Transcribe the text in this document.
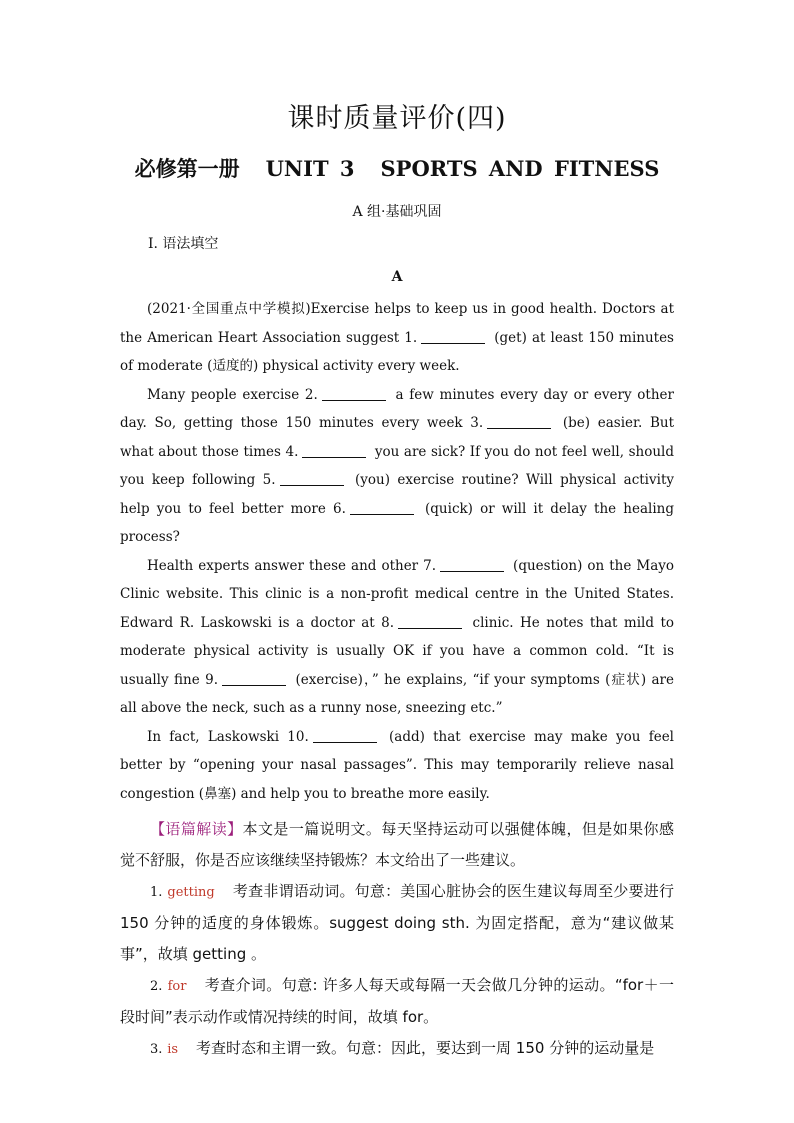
课时质量评价(四)
必修第一册 UNIT 3 SPORTS AND FITNESS
A 组·基础巩固
Ⅰ. 语法填空
A

(2021·全国重点中学模拟)Exercise helps to keep us in good health. Doctors at the American Heart Association suggest 1.	(get) at least 150 minutes of moderate (适度的) physical activity every week.

Many people exercise 2.	a few minutes every day or every other day. So, getting those 150 minutes every week 3.	(be) easier. But what about those times 4.	you are sick? If you do not feel well, should you keep following 5.	(you) exercise routine? Will physical activity help you to feel better more 6.	(quick) or will it delay the healing process?

Health experts answer these and other 7.	(question) on the Mayo Clinic website. This clinic is a non-profit medical centre in the United States. Edward R. Laskowski is a doctor at 8.	clinic. He notes that mild to moderate physical activity is usually OK if you have a common cold. “It is usually fine 9.	(exercise)，” he explains, “if your symptoms (症状) are all above the neck, such as a runny nose, sneezing etc.”

In fact, Laskowski 10.	(add) that exercise may make you feel better by “opening your nasal passages”. This may temporarily relieve nasal congestion (鼻塞) and help you to breathe more easily.

【语篇解读】本文是一篇说明文。每天坚持运动可以强健体魄，但是如果你感觉不舒服，你是否应该继续坚持锻炼？本文给出了一些建议。

1. getting 考查非谓语动词。句意：美国心脏协会的医生建议每周至少要进行 150 分钟的适度的身体锻炼。suggest doing sth. 为固定搭配，意为“建议做某事”，故填 getting 。

2. for 考查介词。句意: 许多人每天或每隔一天会做几分钟的运动。“for＋一段时间”表示动作或情况持续的时间，故填 for。

3. is 考查时态和主谓一致。句意：因此，要达到一周 150 分钟的运动量是
